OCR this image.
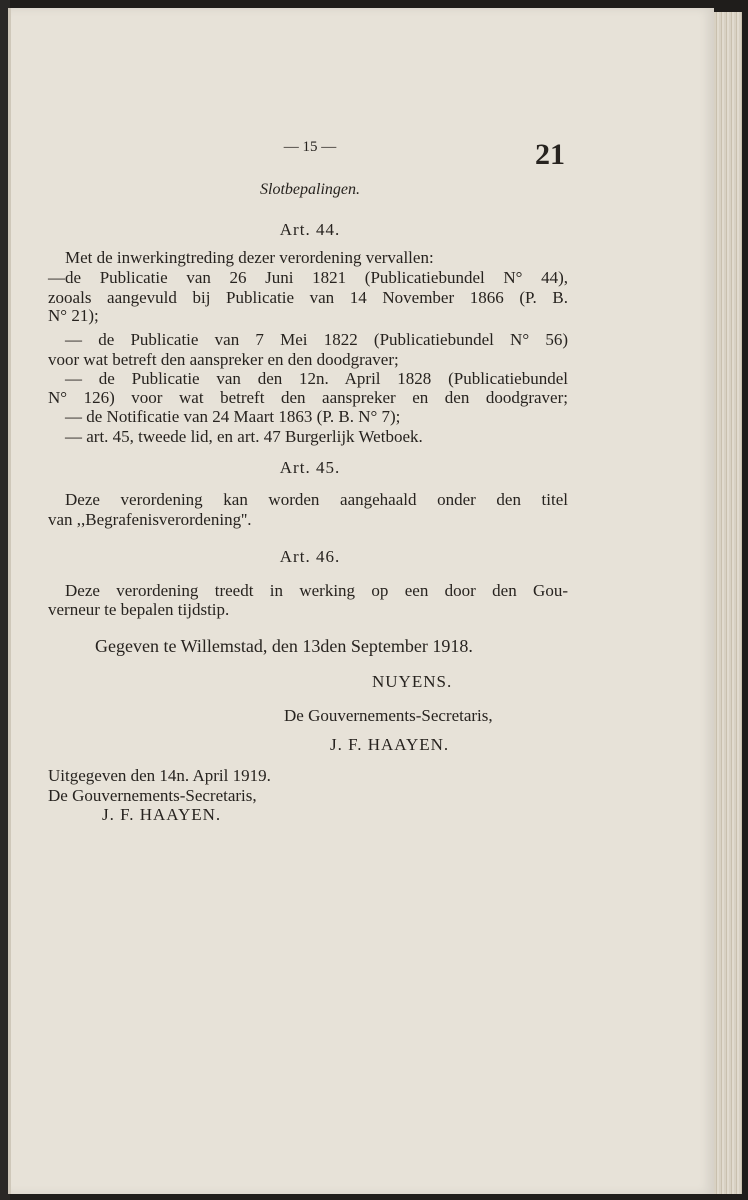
— 15 —	21
Slotbepalingen.
Art. 44.
Met de inwerkingtreding dezer verordening vervallen:
—de Publicatie van 26 Juni 1821 (Publicatiebundel N° 44),
zooals aangevuld bij Publicatie van 14 November 1866 (P. B.
N° 21);
— de Publicatie van 7 Mei 1822 (Publicatiebundel N° 56)
voor wat betreft den aanspreker en den doodgraver;
— de Publicatie van den 12n. April 1828 (Publicatiebundel
N° 126) voor wat betreft den aanspreker en den doodgraver;
— de Notificatie van 24 Maart 1863 (P. B. N° 7);
— art. 45, tweede lid, en art. 47 Burgerlijk Wetboek.
Art. 45.
Deze verordening kan worden aangehaald onder den titel
van ,,Begrafenisverordening''.
Art. 46.
Deze verordening treedt in werking op een door den Gou-
verneur te bepalen tijdstip.
Gegeven te Willemstad, den 13den September 1918.
NUYENS.
De Gouvernements-Secretaris,
J. F. HAAYEN.
Uitgegeven den 14n. April 1919.
De Gouvernements-Secretaris,
J. F. HAAYEN.
